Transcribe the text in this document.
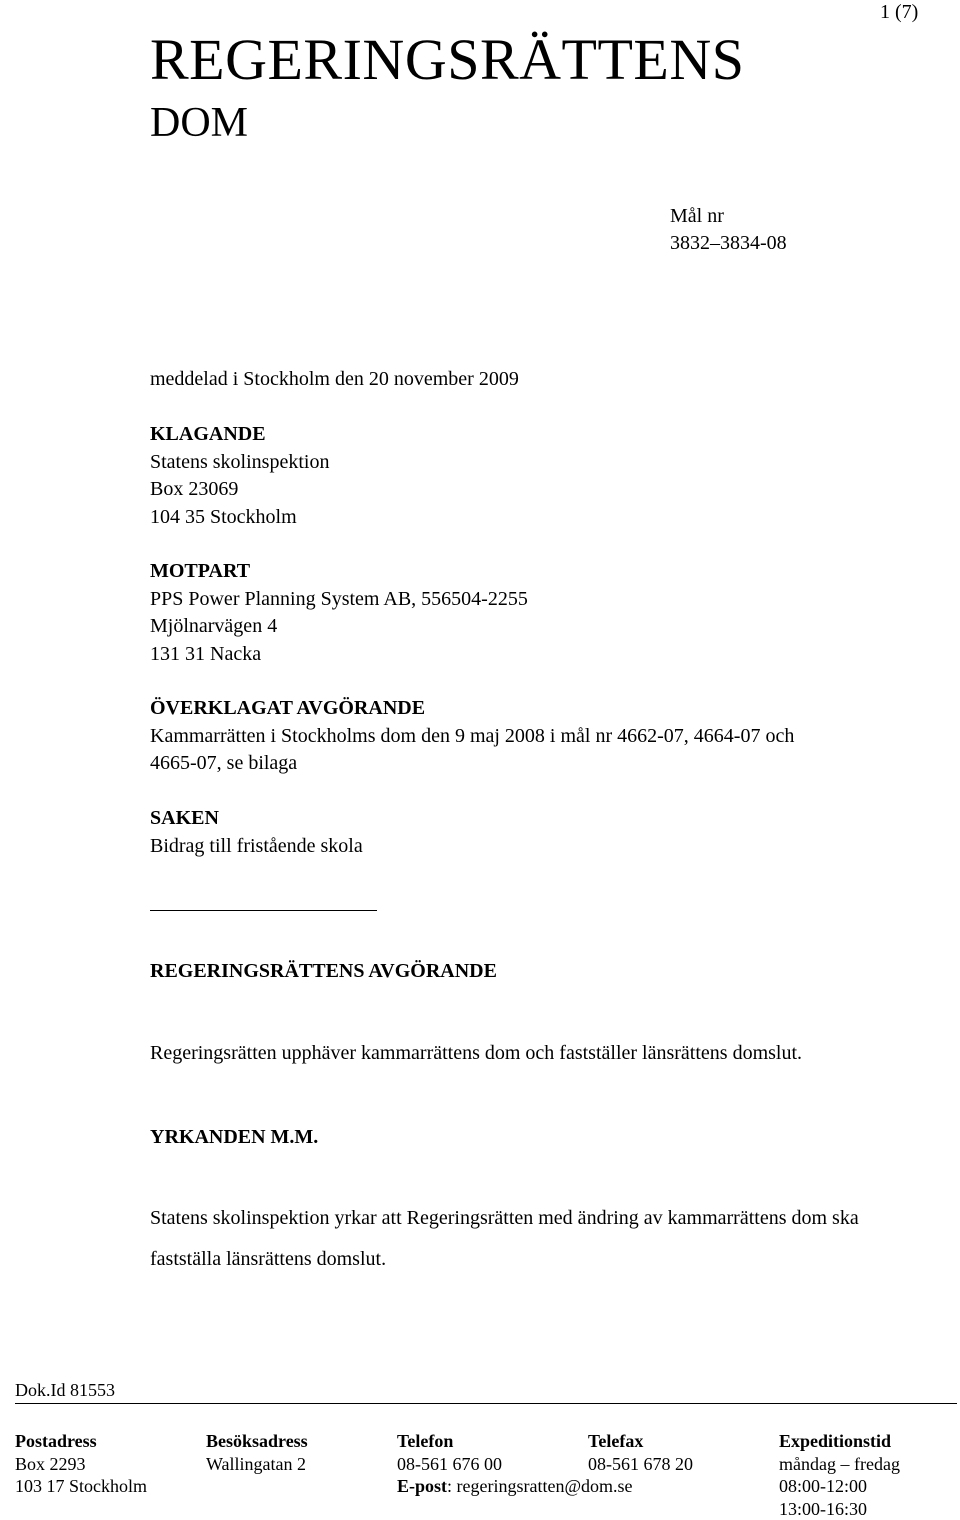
1 (7)
REGERINGSRÄTTENS
DOM
Mål nr
3832–3834-08
meddelad i Stockholm den 20 november 2009
KLAGANDE
Statens skolinspektion
Box 23069
104 35 Stockholm
MOTPART
PPS Power Planning System AB, 556504-2255
Mjölnarvägen 4
131 31 Nacka
ÖVERKLAGAT AVGÖRANDE
Kammarrätten i Stockholms dom den 9 maj 2008 i mål nr 4662-07, 4664-07 och
4665-07, se bilaga
SAKEN
Bidrag till fristående skola
REGERINGSRÄTTENS AVGÖRANDE
Regeringsrätten upphäver kammarrättens dom och fastställer länsrättens domslut.
YRKANDEN M.M.
Statens skolinspektion yrkar att Regeringsrätten med ändring av kammarrättens dom ska fastställa länsrättens domslut.
Dok.Id 81553
Postadress
Box 2293
103 17 Stockholm
Besöksadress
Wallingatan 2
Telefon
08-561 676 00
E-post: regeringsratten@dom.se
Telefax
08-561 678 20
Expeditionstid
måndag – fredag
08:00-12:00
13:00-16:30
